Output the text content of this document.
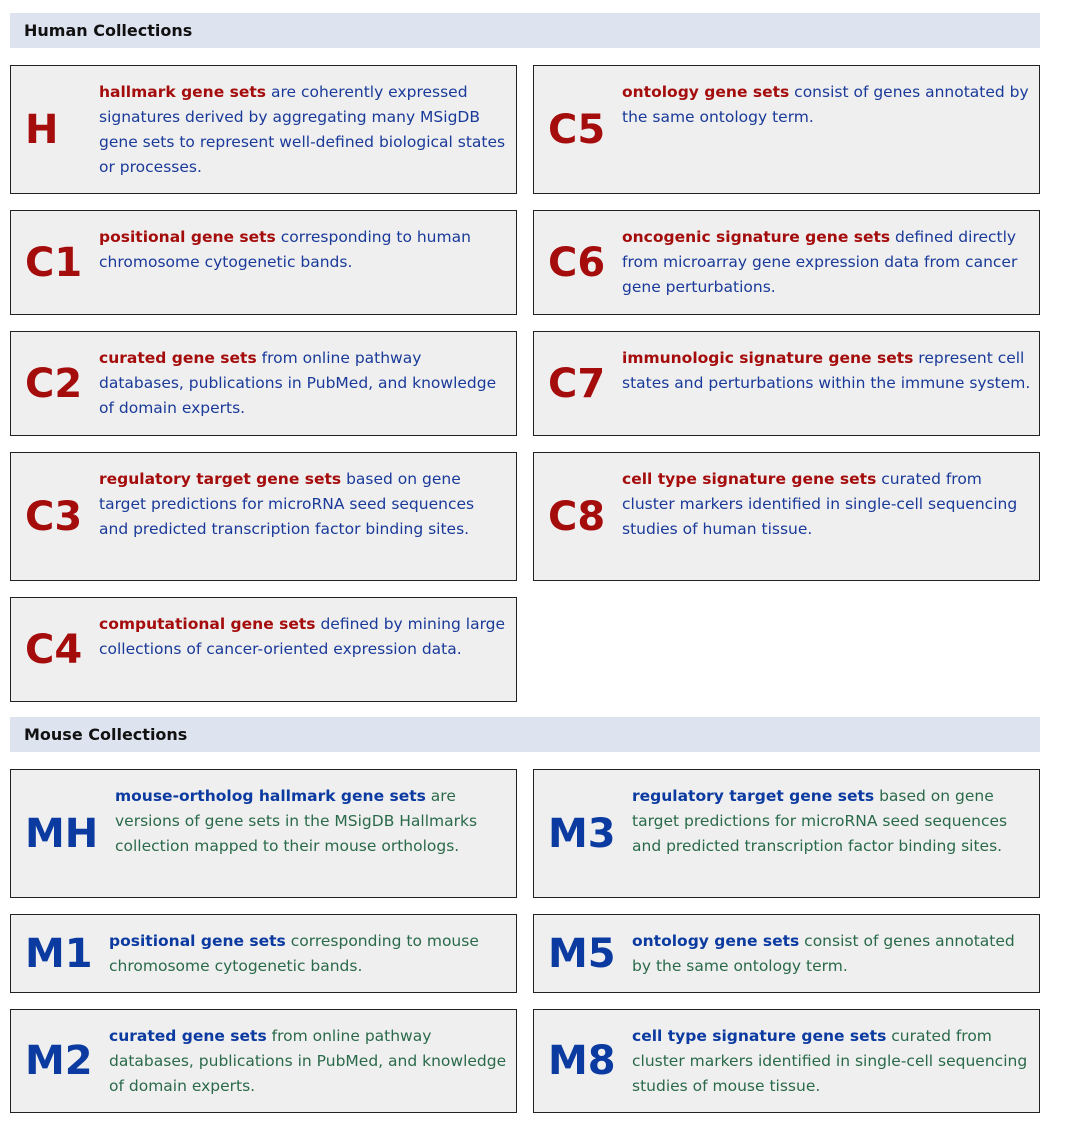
Human Collections
H
hallmark gene sets are coherently expressed signatures derived by aggregating many MSigDB gene sets to represent well-defined biological states or processes.
C5
ontology gene sets consist of genes annotated by the same ontology term.
C1
positional gene sets corresponding to human chromosome cytogenetic bands.	C6
oncogenic signature gene sets defined directly from microarray gene expression data from cancer gene perturbations.
C2
curated gene sets from online pathway databases, publications in PubMed, and knowledge of domain experts.
C7
immunologic signature gene sets represent cell states and perturbations within the immune system.
C3
regulatory target gene sets based on gene target predictions for microRNA seed sequences and predicted transcription factor binding sites.	C8
cell type signature gene sets curated from cluster markers identified in single-cell sequencing studies of human tissue.
C4
computational gene sets defined by mining large collections of cancer-oriented expression data.
Mouse Collections
MH
mouse-ortholog hallmark gene sets are versions of gene sets in the MSigDB Hallmarks collection mapped to their mouse orthologs.	M3
regulatory target gene sets based on gene target predictions for microRNA seed sequences and predicted transcription factor binding sites.
M1 positional gene sets corresponding to mouse chromosome cytogenetic bands.	M5 ontology gene sets consist of genes annotated by the same ontology term.
M2
curated gene sets from online pathway databases, publications in PubMed, and knowledge of domain experts.
M8
cell type signature gene sets curated from cluster markers identified in single-cell sequencing studies of mouse tissue.
